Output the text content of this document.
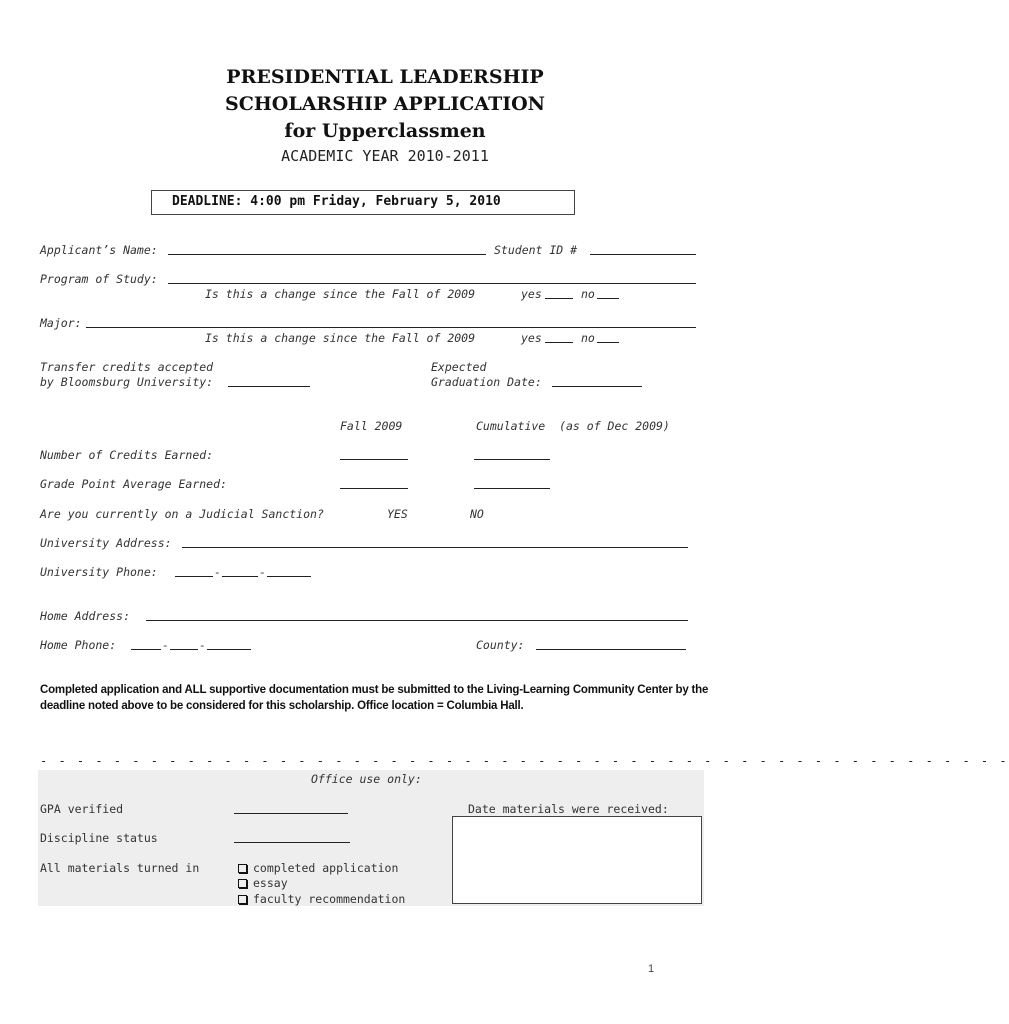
PRESIDENTIAL LEADERSHIP
SCHOLARSHIP APPLICATION
for Upperclassmen
ACADEMIC YEAR 2010-2011
DEADLINE: 4:00 pm Friday, February 5, 2010
Applicant’s Name:	Student ID #
Program of Study:
Is this a change since the Fall of 2009	yes	no
Major:
Is this a change since the Fall of 2009	yes	no
Transfer credits accepted
by Bloomsburg University:
Expected
Graduation Date:
Fall 2009	Cumulative  (as of Dec 2009)
Number of Credits Earned:
Grade Point Average Earned:
Are you currently on a Judicial Sanction?	YES	NO
University Address:
University Phone:	-	-
Home Address:
Home Phone:	-	-	County:
Completed application and ALL supportive documentation must be submitted to the Living-Learning Community Center by the deadline noted above to be considered for this scholarship. Office location = Columbia Hall.
- - - - - - - - - - - - - - - - - - - - - - - - - - - - - - - - - - - - - - - - - - - - - - - - - - - - -
Office use only:
GPA verified	Date materials were received:
Discipline status
All materials turned in	completed application
essay
faculty recommendation
1
